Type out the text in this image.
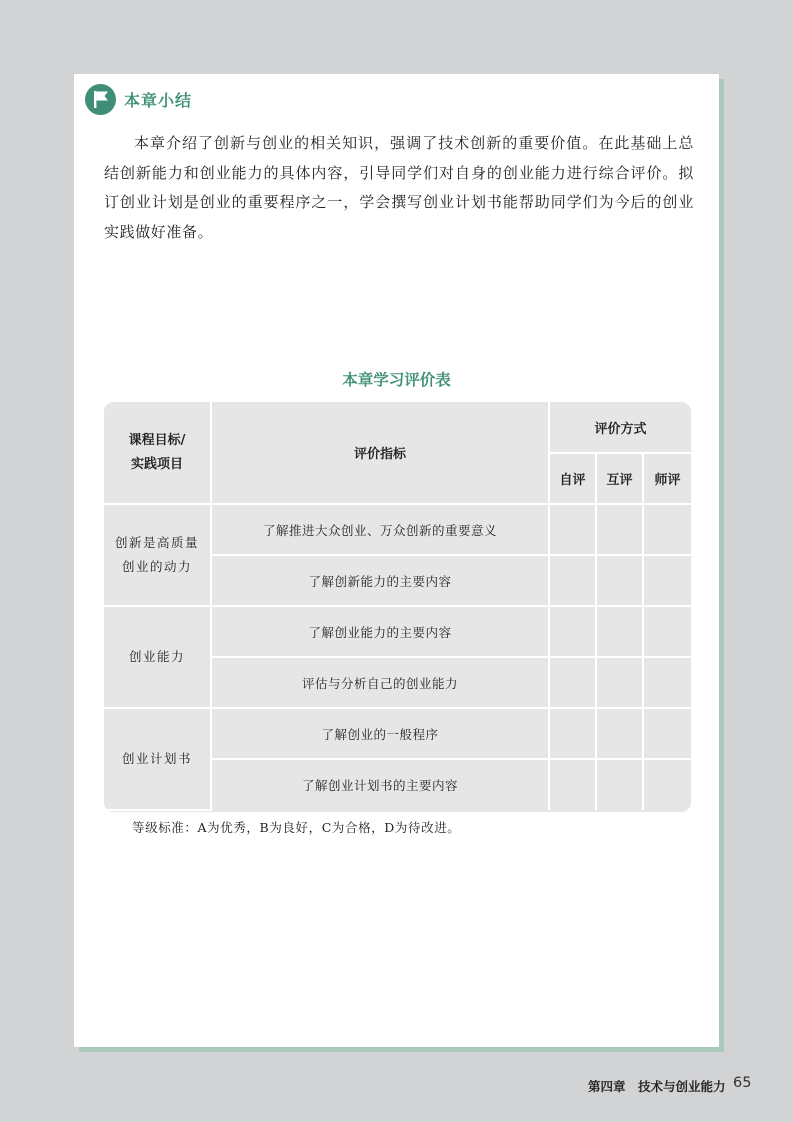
本章小结

本章介绍了创新与创业的相关知识，强调了技术创新的重要价值。在此基础上总结创新能力和创业能力的具体内容，引导同学们对自身的创业能力进行综合评价。拟订创业计划是创业的重要程序之一，学会撰写创业计划书能帮助同学们为今后的创业实践做好准备。

本章学习评价表
课程目标/
实践项目	评价指标	评价方式		
		自评	互评	师评
创新是高质量
创业的动力	了解推进大众创业、万众创新的重要意义			
	了解创新能力的主要内容			
创业能力	了解创业能力的主要内容			
	评估与分析自己的创业能力			
创业计划书	了解创业的一般程序			
	了解创业计划书的主要内容			
等级标准：A为优秀，B为良好，C为合格，D为待改进。
第四章　技术与创业能力 65
